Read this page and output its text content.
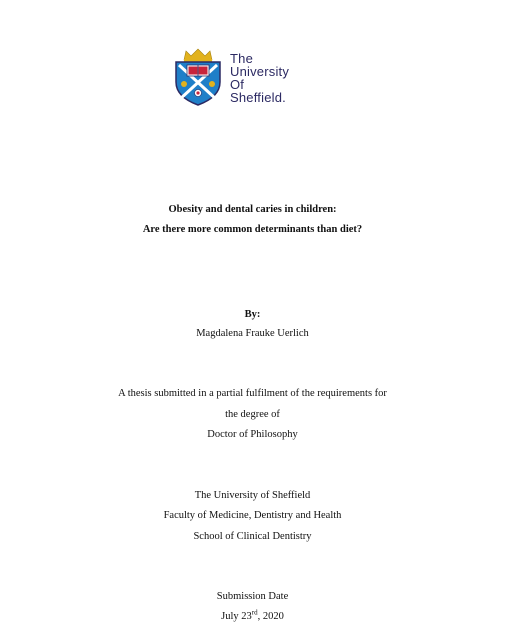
The
University
Of
Sheffield.
Obesity and dental caries in children:
Are there more common determinants than diet?
By:
Magdalena Frauke Uerlich
A thesis submitted in a partial fulfilment of the requirements for
the degree of
Doctor of Philosophy
The University of Sheffield
Faculty of Medicine, Dentistry and Health
School of Clinical Dentistry
Submission Date
July 23rd, 2020
